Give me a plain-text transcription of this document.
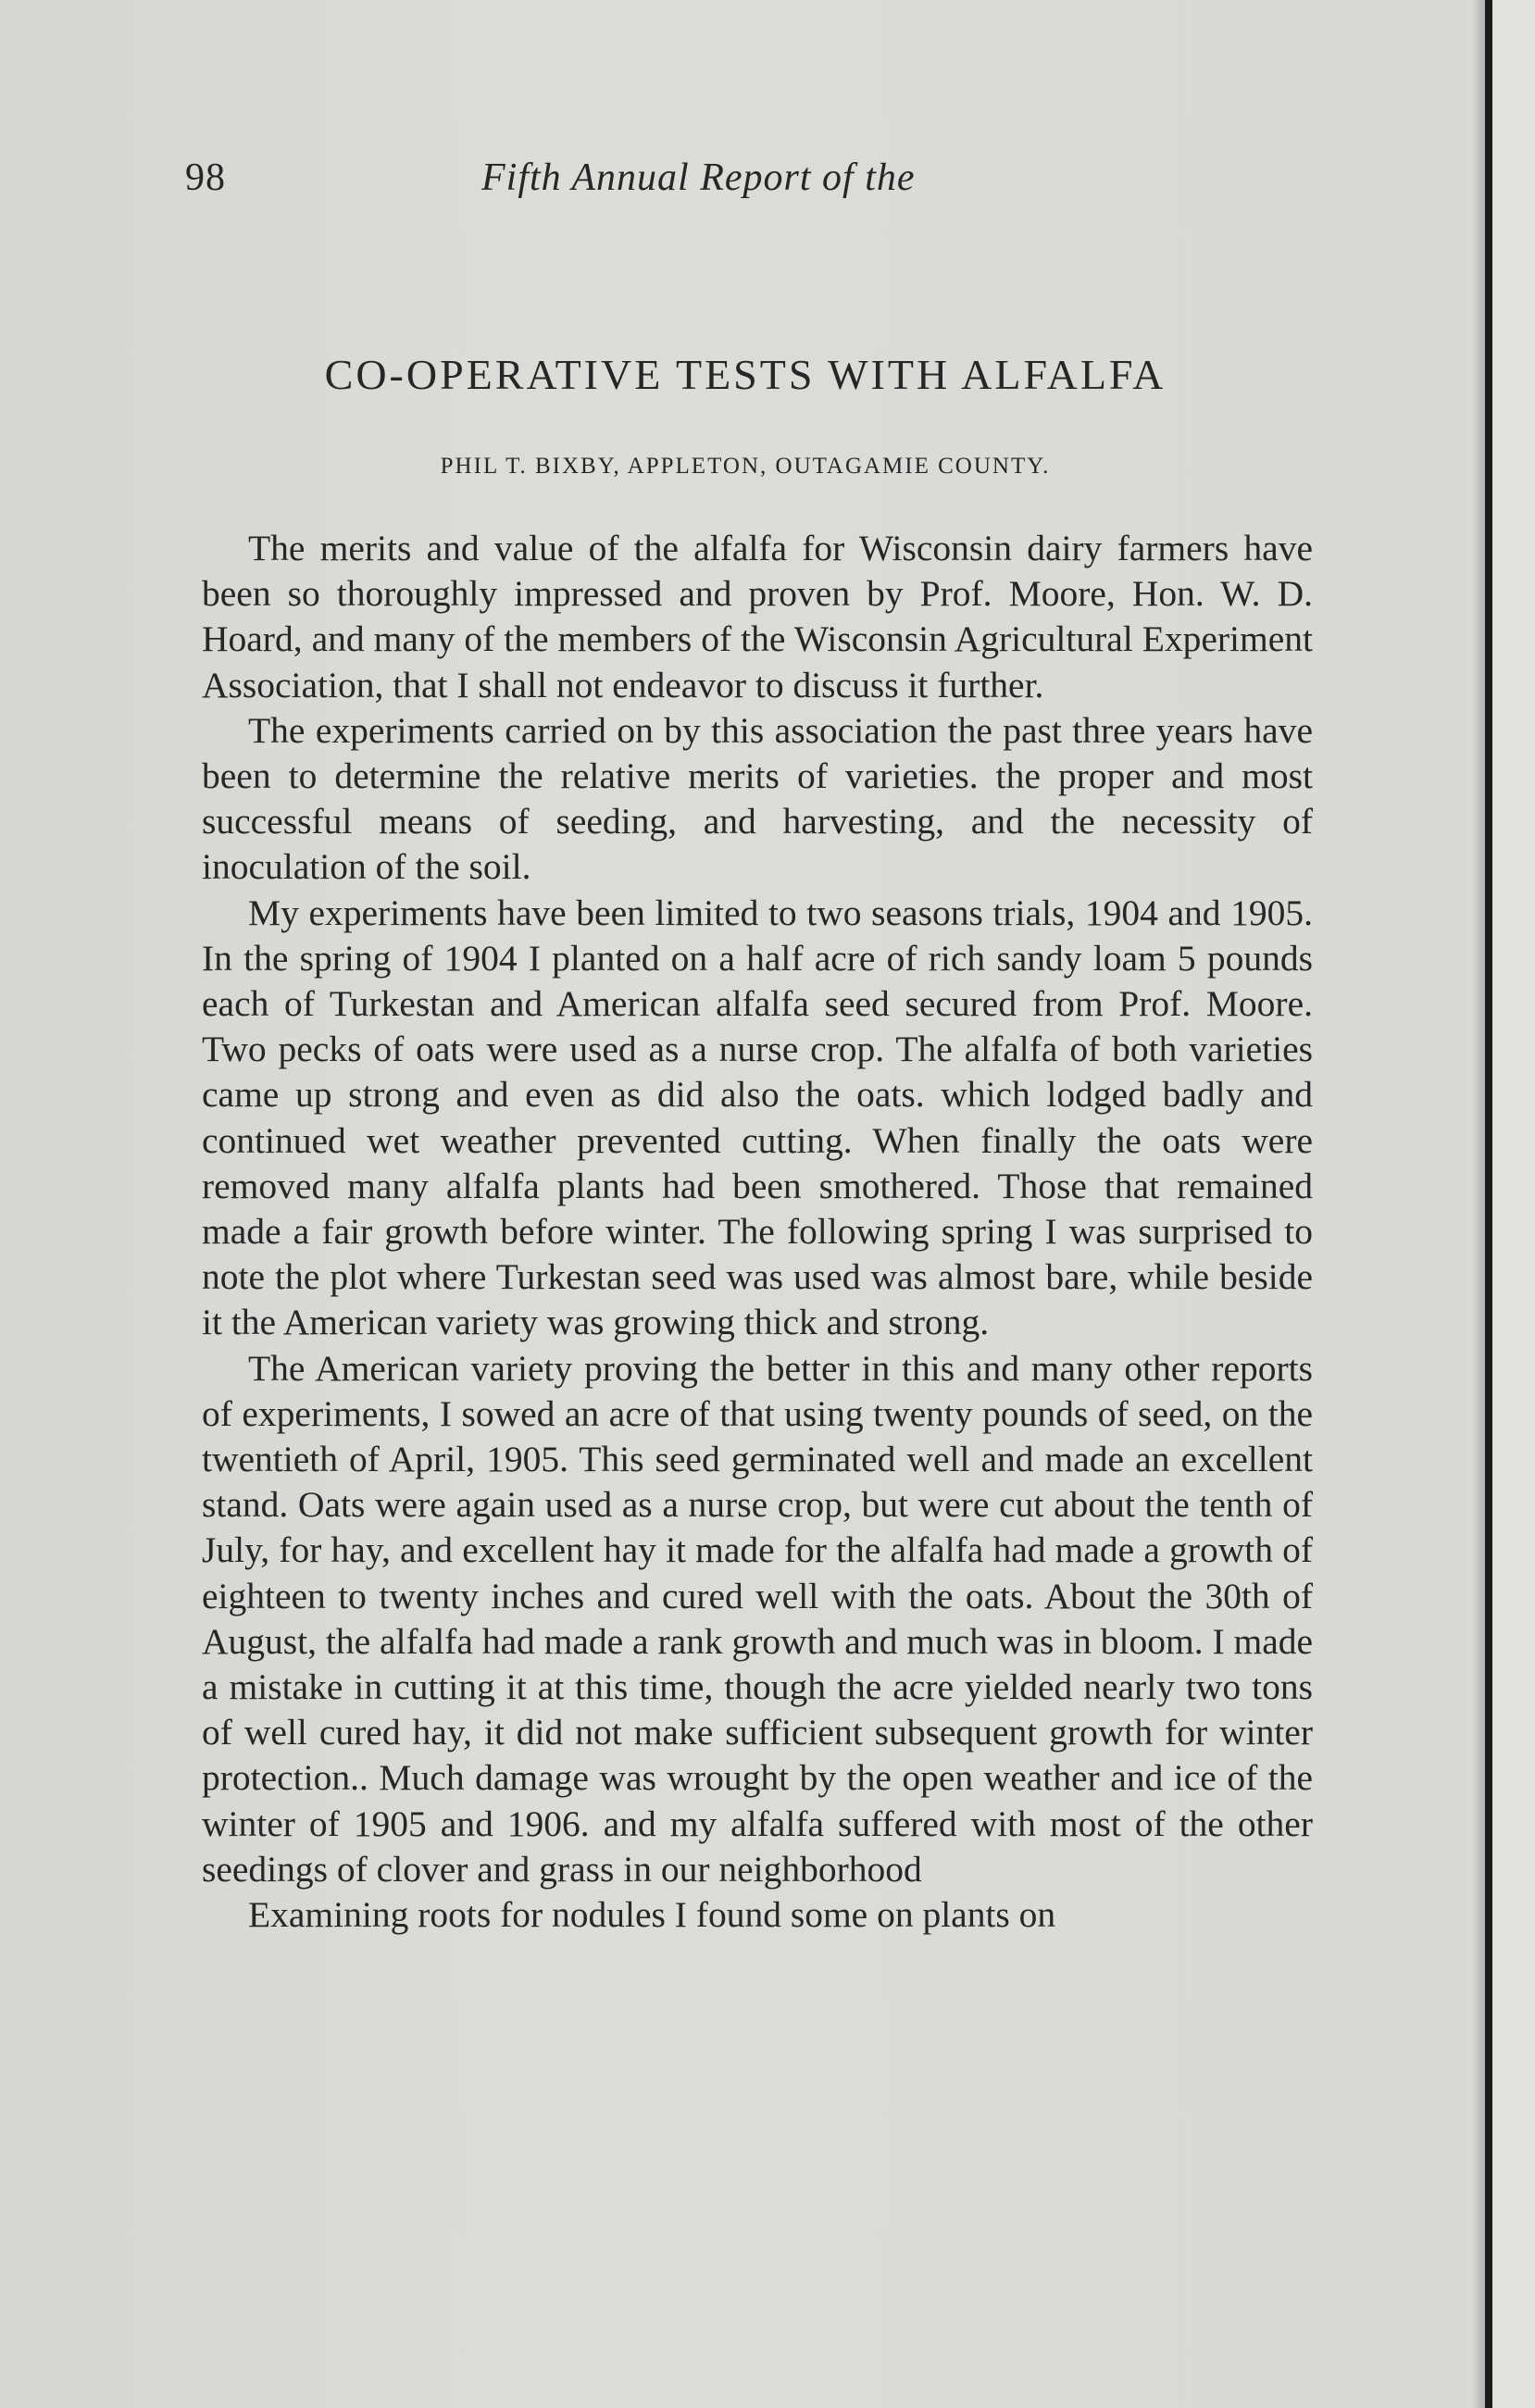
98	Fifth Annual Report of the
CO-OPERATIVE TESTS WITH ALFALFA

PHIL T. BIXBY, APPLETON, OUTAGAMIE COUNTY.

The merits and value of the alfalfa for Wisconsin dairy farmers have been so thoroughly impressed and proven by Prof. Moore, Hon. W. D. Hoard, and many of the members of the Wisconsin Agricultural Experiment Association, that I shall not endeavor to discuss it further.

The experiments carried on by this association the past three years have been to determine the relative merits of varieties. the proper and most successful means of seeding, and harvesting, and the necessity of inoculation of the soil.

My experiments have been limited to two seasons trials, 1904 and 1905. In the spring of 1904 I planted on a half acre of rich sandy loam 5 pounds each of Turkestan and American alfalfa seed secured from Prof. Moore. Two pecks of oats were used as a nurse crop. The alfalfa of both varieties came up strong and even as did also the oats. which lodged badly and continued wet weather prevented cutting. When finally the oats were removed many alfalfa plants had been smothered. Those that remained made a fair growth before winter. The following spring I was surprised to note the plot where Turkestan seed was used was almost bare, while beside it the American variety was growing thick and strong.

The American variety proving the better in this and many other reports of experiments, I sowed an acre of that using twenty pounds of seed, on the twentieth of April, 1905. This seed germinated well and made an excellent stand. Oats were again used as a nurse crop, but were cut about the tenth of July, for hay, and excellent hay it made for the alfalfa had made a growth of eighteen to twenty inches and cured well with the oats. About the 30th of August, the alfalfa had made a rank growth and much was in bloom. I made a mistake in cutting it at this time, though the acre yielded nearly two tons of well cured hay, it did not make sufficient subsequent growth for winter protection.. Much damage was wrought by the open weather and ice of the winter of 1905 and 1906. and my alfalfa suffered with most of the other seedings of clover and grass in our neighborhood

Examining roots for nodules I found some on plants on
